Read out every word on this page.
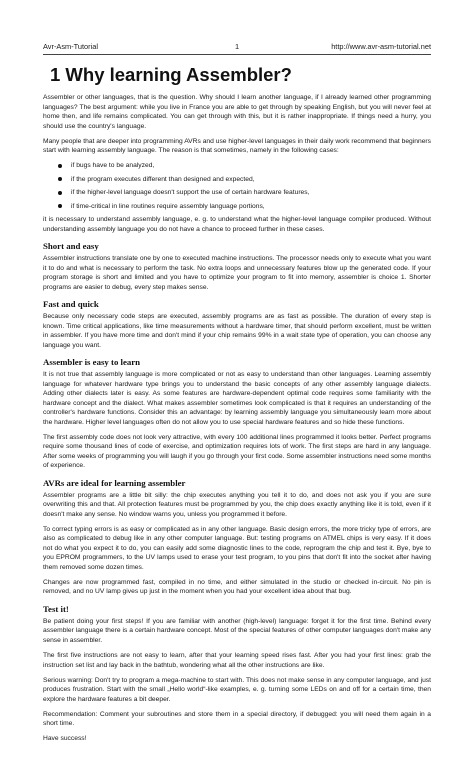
Avr-Asm-Tutorial	1	http://www.avr-asm-tutorial.net
1 Why learning Assembler?

Assembler or other languages, that is the question. Why should I learn another language, if I already learned other programming languages? The best argument: while you live in France you are able to get through by speaking English, but you will never feel at home then, and life remains complicated. You can get through with this, but it is rather inappropriate. If things need a hurry, you should use the country's language.

Many people that are deeper into programming AVRs and use higher-level languages in their daily work recommend that beginners start with learning assembly language. The reason is that sometimes, namely in the following cases:

if bugs have to be analyzed,
if the program executes different than designed and expected,
if the higher-level language doesn't support the use of certain hardware features,
if time-critical in line routines require assembly language portions,

it is necessary to understand assembly language, e. g. to understand what the higher-level language compiler produced. Without understanding assembly language you do not have a chance to proceed further in these cases.

Short and easy

Assembler instructions translate one by one to executed machine instructions. The processor needs only to execute what you want it to do and what is necessary to perform the task. No extra loops and unnecessary features blow up the generated code. If your program storage is short and limited and you have to optimize your program to fit into memory, assembler is choice 1. Shorter programs are easier to debug, every step makes sense.

Fast and quick

Because only necessary code steps are executed, assembly programs are as fast as possible. The duration of every step is known. Time critical applications, like time measurements without a hardware timer, that should perform excellent, must be written in assembler. If you have more time and don't mind if your chip remains 99% in a wait state type of operation, you can choose any language you want.

Assembler is easy to learn

It is not true that assembly language is more complicated or not as easy to understand than other languages. Learning assembly language for whatever hardware type brings you to understand the basic concepts of any other assembly language dialects. Adding other dialects later is easy. As some features are hardware-dependent optimal code requires some familiarity with the hardware concept and the dialect. What makes assembler sometimes look complicated is that it requires an understanding of the controller's hardware functions. Consider this an advantage: by learning assembly language you simultaneously learn more about the hardware. Higher level languages often do not allow you to use special hardware features and so hide these functions.

The first assembly code does not look very attractive, with every 100 additional lines programmed it looks better. Perfect programs require some thousand lines of code of exercise, and optimization requires lots of work. The first steps are hard in any language. After some weeks of programming you will laugh if you go through your first code. Some assembler instructions need some months of experience.

AVRs are ideal for learning assembler

Assembler programs are a little bit silly: the chip executes anything you tell it to do, and does not ask you if you are sure overwriting this and that. All protection features must be programmed by you, the chip does exactly anything like it is told, even if it doesn't make any sense. No window warns you, unless you programmed it before.

To correct typing errors is as easy or complicated as in any other language. Basic design errors, the more tricky type of errors, are also as complicated to debug like in any other computer language. But: testing programs on ATMEL chips is very easy. If it does not do what you expect it to do, you can easily add some diagnostic lines to the code, reprogram the chip and test it. Bye, bye to you EPROM programmers, to the UV lamps used to erase your test program, to you pins that don't fit into the socket after having them removed some dozen times.

Changes are now programmed fast, compiled in no time, and either simulated in the studio or checked in-circuit. No pin is removed, and no UV lamp gives up just in the moment when you had your excellent idea about that bug.

Test it!

Be patient doing your first steps! If you are familiar with another (high-level) language: forget it for the first time. Behind every assembler language there is a certain hardware concept. Most of the special features of other computer languages don't make any sense in assembler.

The first five instructions are not easy to learn, after that your learning speed rises fast. After you had your first lines: grab the instruction set list and lay back in the bathtub, wondering what all the other instructions are like.

Serious warning: Don't try to program a mega-machine to start with. This does not make sense in any computer language, and just produces frustration. Start with the small „Hello world“-like examples, e. g. turning some LEDs on and off for a certain time, then explore the hardware features a bit deeper.

Recommendation: Comment your subroutines and store them in a special directory, if debugged: you will need them again in a short time.

Have success!
